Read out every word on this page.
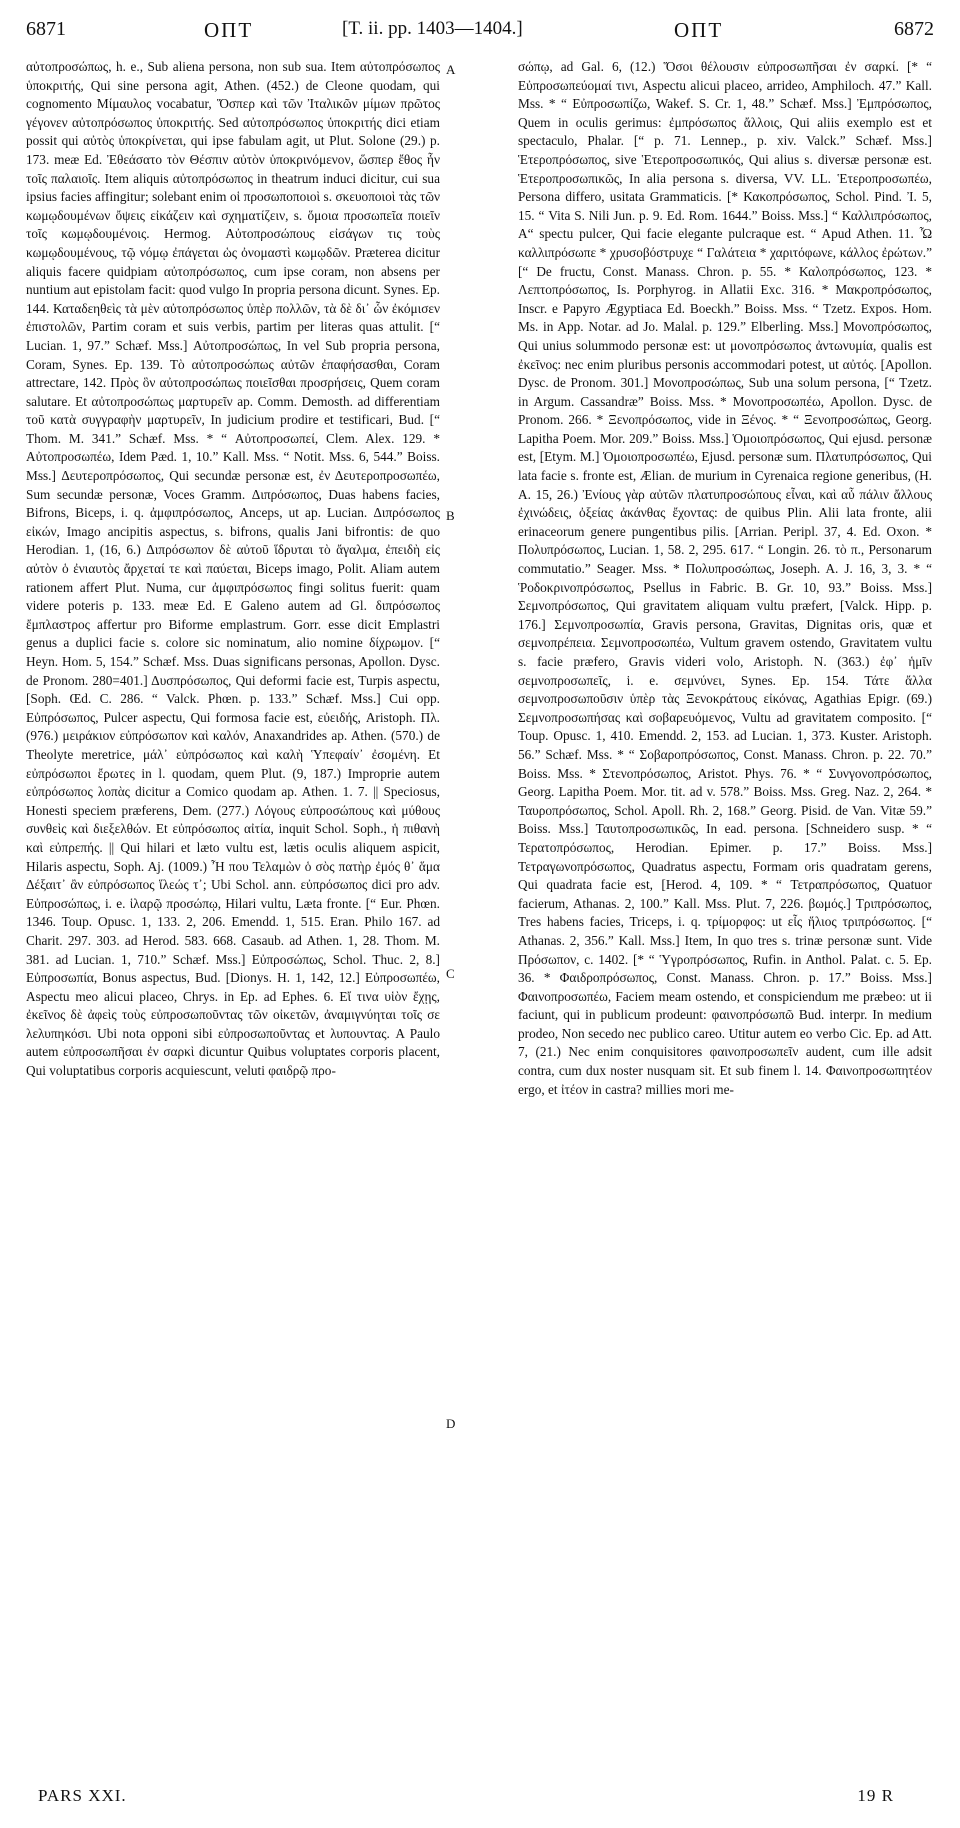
6871	ΟΠΤ	[T. ii. pp. 1403—1404.]	ΟΠΤ	6872

αὐτοπροσώπως, h. e., Sub aliena persona, non sub sua. Item αὐτοπρόσωπος ὑποκριτής, Qui sine persona agit, Athen. (452.) de Cleone quodam, qui cognomento Μίμαυλος vocabatur, Ὅσπερ καὶ τῶν Ἰταλικῶν μίμων πρῶτος γέγονεν αὐτοπρόσωπος ὑποκριτής. Sed αὐτοπρόσωπος ὑποκριτής dici etiam possit qui αὐτὸς ὑποκρίνεται, qui ipse fabulam agit, ut Plut. Solone (29.) p. 173. meæ Ed. Ἐθεάσατο τὸν Θέσπιν αὐτὸν ὑποκρινόμενον, ὥσπερ ἔθος ἦν τοῖς παλαιοῖς. Item aliquis αὐτοπρόσωπος in theatrum induci dicitur, cui sua ipsius facies affingitur; solebant enim οἱ προσωποποιοὶ s. σκευοποιοὶ τὰς τῶν κωμῳδουμένων ὄψεις εἰκάζειν καὶ σχηματίζειν, s. ὅμοια προσωπεῖα ποιεῖν τοῖς κωμῳδουμένοις. Hermog. Αὐτοπροσώπους εἰσάγων τις τοὺς κωμῳδουμένους, τῷ νόμῳ ἐπάγεται ὡς ὀνομαστὶ κωμῳδῶν. Præterea dicitur aliquis facere quidpiam αὐτοπρόσωπος, cum ipse coram, non absens per nuntium aut epistolam facit: quod vulgo In propria persona dicunt. Synes. Ep. 144. Καταδεηθεὶς τὰ μὲν αὐτοπρόσωπος ὑπὲρ πολλῶν, τὰ δὲ δι᾽ ὧν ἐκόμισεν ἐπιστολῶν, Partim coram et suis verbis, partim per literas quas attulit. [“ Lucian. 1, 97.” Schæf. Mss.] Αὐτοπροσώπως, In vel Sub propria persona, Coram, Synes. Ep. 139. Τὸ αὐτοπροσώπως αὐτῶν ἐπαφήσασθαι, Coram attrectare, 142. Πρὸς ὃν αὐτοπροσώπως ποιεῖσθαι προσρήσεις, Quem coram salutare. Et αὐτοπροσώπως μαρτυρεῖν ap. Comm. Demosth. ad differentiam τοῦ κατὰ συγγραφὴν μαρτυρεῖν, In judicium prodire et testificari, Bud. [“ Thom. M. 341.” Schæf. Mss. * “ Αὐτοπροσωπεί, Clem. Alex. 129. * Αὐτοπροσωπέω, Idem Pæd. 1, 10.” Kall. Mss. “ Notit. Mss. 6, 544.” Boiss. Mss.] Δευτερoπρόσωπος, Qui secundæ personæ est, ἐν Δευτεροπροσωπέω, Sum secundæ personæ, Voces Gramm. Διπρόσωπος, Duas habens facies, Bifrons, Biceps, i. q. ἀμφιπρόσωπος, Anceps, ut ap. Lucian. Διπρόσωπος εἰκών, Imago ancipitis aspectus, s. bifrons, qualis Jani bifrontis: de quo Herodian. 1, (16, 6.) Διπρόσωπον δὲ αὐτοῦ ἵδρυται τὸ ἄγαλμα, ἐπειδὴ εἰς αὐτὸν ὁ ἐνιαυτὸς ἄρχεταί τε καὶ παύεται, Biceps imago, Polit. Aliam autem rationem affert Plut. Numa, cur ἀμφιπρόσωπος fingi solitus fuerit: quam videre poteris p. 133. meæ Ed. E Galeno autem ad Gl. διπρόσωπος ἔμπλαστρος affertur pro Biforme emplastrum. Gorr. esse dicit Emplastri genus a duplici facie s. colore sic nominatum, alio nomine δίχρωμον. [“ Heyn. Hom. 5, 154.” Schæf. Mss. Duas significans personas, Apollon. Dysc. de Pronom. 280=401.] Δυσπρόσωπος, Qui deformi facie est, Turpis aspectu, [Soph. Œd. C. 286. “ Valck. Phœn. p. 133.” Schæf. Mss.] Cui opp. Εὐπρόσωπος, Pulcer aspectu, Qui formosa facie est, εὐειδής, Aristoph. Πλ. (976.) μειράκιον εὐπρόσωπον καὶ καλόν, Anaxandrides ap. Athen. (570.) de Theolyte meretrice, μάλ᾽ εὐπρόσωπος καὶ καλὴ Ὑπεφαίν᾽ ἐσομένη. Et εὐπρόσωποι ἔρωτες in l. quodam, quem Plut. (9, 187.) Improprie autem εὐπρόσωπος λοπὰς dicitur a Comico quodam ap. Athen. 1. 7. || Speciosus, Honesti speciem præferens, Dem. (277.) Λόγους εὐπροσώπους καὶ μύθους συνθεὶς καὶ διεξελθών. Et εὐπρόσωπος αἰτία, inquit Schol. Soph., ἡ πιθανὴ καὶ εὐπρεπής. || Qui hilari et læto vultu est, lætis oculis aliquem aspicit, Hilaris aspectu, Soph. Aj. (1009.) Ἦ που Τελαμὼν ὁ σὸς πατὴρ ἐμός θ᾽ ἅμα Δέξαιτ᾽ ἂν εὐπρόσωπος ἵλεώς τ᾽; Ubi Schol. ann. εὐπρόσωπος dici pro adv. Εὐπροσώπως, i. e. ἱλαρῷ προσώπῳ, Hilari vultu, Læta fronte. [“ Eur. Phœn. 1346. Toup. Opusc. 1, 133. 2, 206. Emendd. 1, 515. Eran. Philo 167. ad Charit. 297. 303. ad Herod. 583. 668. Casaub. ad Athen. 1, 28. Thom. M. 381. ad Lucian. 1, 710.” Schæf. Mss.] Εὐπροσώπως, Schol. Thuc. 2, 8.] Εὐπροσωπία, Bonus aspectus, Bud. [Dionys. H. 1, 142, 12.] Εὐπροσωπέω, Aspectu meo alicui placeo, Chrys. in Ep. ad Ephes. 6. Εἴ τινα υἱὸν ἔχῃς, ἐκεῖνος δὲ ἀφεὶς τοὺς εὐπροσωποῦντας τῶν οἰκετῶν, ἀναμιγνύηται τοῖς σε λελυπηκόσι. Ubi nota opponi sibi εὐπροσωποῦντας et λυπουντας. A Paulo autem εὐπροσωπῆσαι ἐν σαρκὶ dicuntur Quibus voluptates corporis placent, Qui voluptatibus corporis acquiescunt, veluti φαιδρῷ προ-

A
B
C
D

σώπῳ, ad Gal. 6, (12.) Ὅσοι θέλουσιν εὐπροσωπῆσαι ἐν σαρκί. [* “ Εὐπροσωπεύομαί τινι, Aspectu alicui placeo, arrideo, Amphiloch. 47.” Kall. Mss. * “ Εὐπροσωπίζω, Wakef. S. Cr. 1, 48.” Schæf. Mss.] Ἐμπρόσωπος, Quem in oculis gerimus: ἐμπρόσωπος ἄλλοις, Qui aliis exemplo est et spectaculo, Phalar. [“ p. 71. Lennep., p. xiv. Valck.” Schæf. Mss.] Ἑτεροπρόσωπος, sive Ἑτεροπροσωπικός, Qui alius s. diversæ personæ est. Ἑτεροπροσωπικῶς, In alia persona s. diversa, VV. LL. Ἑτεροπροσωπέω, Persona differo, usitata Grammaticis. [* Κακοπρόσωπος, Schol. Pind. Ἰ. 5, 15. “ Vita S. Nili Jun. p. 9. Ed. Rom. 1644.” Boiss. Mss.] “ Καλλιπρόσωπος, A“ spectu pulcer, Qui facie elegante pulcraque est. “ Apud Athen. 11. Ὦ καλλιπρόσωπε * χρυσοβόστρυχε “ Γαλάτεια * χαριτόφωνε, κάλλος ἐρώτων.” [“ De fructu, Const. Manass. Chron. p. 55. * Καλοπρόσωπος, 123. * Λεπτοπρόσωπος, Is. Porphyrog. in Allatii Exc. 316. * Μακροπρόσωπος, Inscr. e Papyro Ægyptiaca Ed. Boeckh.” Boiss. Mss. “ Tzetz. Expos. Hom. Ms. in App. Notar. ad Jo. Malal. p. 129.” Elberling. Mss.] Μονοπρόσωπος, Qui unius solummodo personæ est: ut μονοπρόσωπος ἀντωνυμία, qualis est ἐκεῖνος: nec enim pluribus personis accommodari potest, ut αὐτός. [Apollon. Dysc. de Pronom. 301.] Μονοπροσώπως, Sub una solum persona, [“ Tzetz. in Argum. Cassandræ” Boiss. Mss. * Μονοπροσωπέω, Apollon. Dysc. de Pronom. 266. * Ξενοπρόσωπος, vide in Ξένος. * “ Ξενοπροσώπως, Georg. Lapitha Poem. Mor. 209.” Boiss. Mss.] Ὁμοιοπρόσωπος, Qui ejusd. personæ est, [Etym. M.] Ὁμοιοπροσωπέω, Ejusd. personæ sum. Πλατυπρόσωπος, Qui lata facie s. fronte est, Ælian. de murium in Cyrenaica regione generibus, (H. A. 15, 26.) Ἐνίους γὰρ αὐτῶν πλατυπροσώπους εἶναι, καὶ αὖ πάλιν ἄλλους ἐχινώδεις, ὀξείας ἀκάνθας ἔχοντας: de quibus Plin. Alii lata fronte, alii erinaceorum genere pungentibus pilis. [Arrian. Peripl. 37, 4. Ed. Oxon. * Πολυπρόσωπος, Lucian. 1, 58. 2, 295. 617. “ Longin. 26. τὸ π., Personarum commutatio.” Seager. Mss. * Πολυπροσώπως, Joseph. A. J. 16, 3, 3. * “ Ῥοδοκρινοπρόσωπος, Psellus in Fabric. B. Gr. 10, 93.” Boiss. Mss.] Σεμνοπρόσωπος, Qui gravitatem aliquam vultu præfert, [Valck. Hipp. p. 176.] Σεμνοπροσωπία, Gravis persona, Gravitas, Dignitas oris, quæ et σεμνοπρέπεια. Σεμνοπροσωπέω, Vultum gravem ostendo, Gravitatem vultu s. facie præfero, Gravis videri volo, Aristoph. N. (363.) ἐφ᾽ ἡμῖν σεμνοπροσωπεῖς, i. e. σεμνύνει, Synes. Ep. 154. Τάτε ἄλλα σεμνοπροσωποῦσιν ὑπὲρ τὰς Ξενοκράτους εἰκόνας, Agathias Epigr. (69.) Σεμνοπροσωπήσας καὶ σοβαρευόμενος, Vultu ad gravitatem composito. [“ Toup. Opusc. 1, 410. Emendd. 2, 153. ad Lucian. 1, 373. Kuster. Aristoph. 56.” Schæf. Mss. * “ Σοβαροπρόσωπος, Const. Manass. Chron. p. 22. 70.” Boiss. Mss. * Στενοπρόσωπος, Aristot. Phys. 76. * “ Συνγονοπρόσωπος, Georg. Lapitha Poem. Mor. tit. ad v. 578.” Boiss. Mss. Greg. Naz. 2, 264. * Ταυροπρόσωπος, Schol. Apoll. Rh. 2, 168.” Georg. Pisid. de Van. Vitæ 59.” Boiss. Mss.] Ταυτοπροσωπικῶς, In ead. persona. [Schneidero susp. * “ Τερατοπρόσωπος, Herodian. Epimer. p. 17.” Boiss. Mss.] Τετραγωνοπρόσωπος, Quadratus aspectu, Formam oris quadratam gerens, Qui quadrata facie est, [Herod. 4, 109. * “ Τετραπρόσωπος, Quatuor facierum, Athanas. 2, 100.” Kall. Mss. Plut. 7, 226. βωμός.] Τριπρόσωπος, Tres habens facies, Triceps, i. q. τρίμορφος: ut εἷς ἥλιος τριπρόσωπος. [“ Athanas. 2, 356.” Kall. Mss.] Item, In quo tres s. trinæ personæ sunt. Vide Πρόσωπον, c. 1402. [* “ Ὑγροπρόσωπος, Rufin. in Anthol. Palat. c. 5. Ep. 36. * Φαιδροπρόσωπος, Const. Manass. Chron. p. 17.” Boiss. Mss.] Φαινοπροσωπέω, Faciem meam ostendo, et conspiciendum me præbeo: ut ii faciunt, qui in publicum prodeunt: φαινοπρόσωπῶ Bud. interpr. In medium prodeo, Non secedo nec publico careo. Utitur autem eo verbo Cic. Ep. ad Att. 7, (21.) Nec enim conquisitores φαινοπροσωπεῖν audent, cum ille adsit contra, cum dux noster nusquam sit. Et sub finem l. 14. Φαινοπροσωπητέον ergo, et ἰτέον in castra? millies mori me-

PARS XXI.	19 R
